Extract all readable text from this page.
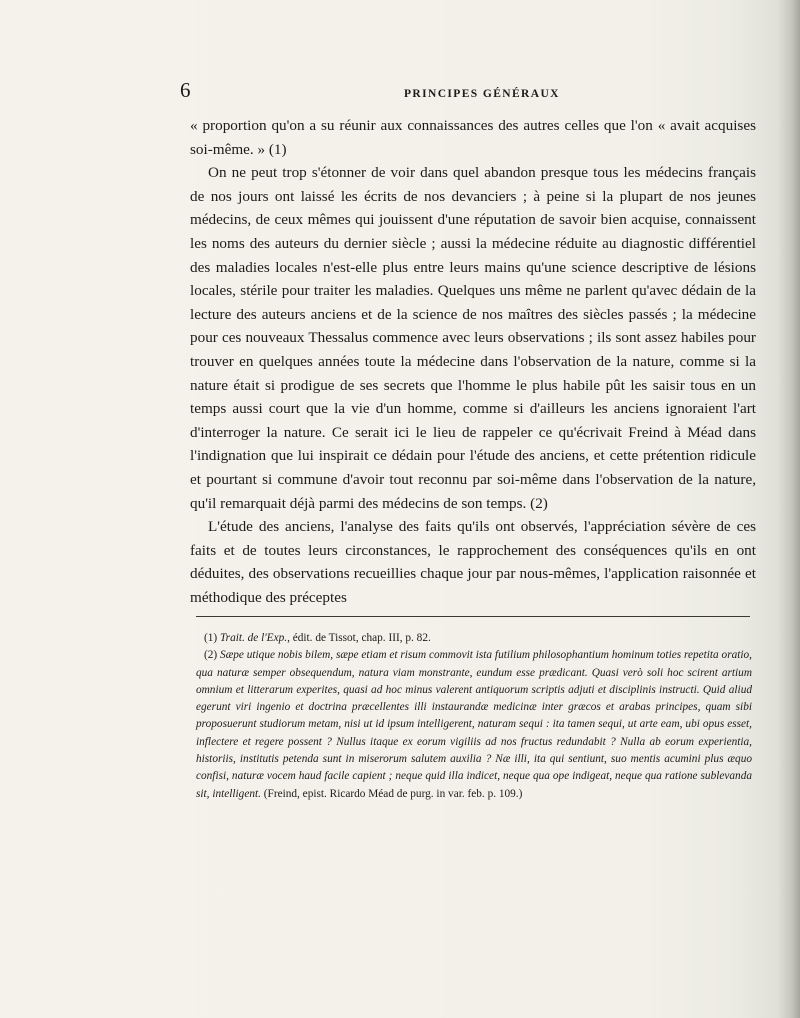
6	PRINCIPES GÉNÉRAUX

« proportion qu'on a su réunir aux connaissances des autres celles que l'on « avait acquises soi-même. » (1)

On ne peut trop s'étonner de voir dans quel abandon presque tous les médecins français de nos jours ont laissé les écrits de nos devanciers ; à peine si la plupart de nos jeunes médecins, de ceux mêmes qui jouissent d'une réputation de savoir bien acquise, connaissent les noms des auteurs du dernier siècle ; aussi la médecine réduite au diagnostic différentiel des maladies locales n'est-elle plus entre leurs mains qu'une science descriptive de lésions locales, stérile pour traiter les maladies. Quelques uns même ne parlent qu'avec dédain de la lecture des auteurs anciens et de la science de nos maîtres des siècles passés ; la médecine pour ces nouveaux Thessalus commence avec leurs observations ; ils sont assez habiles pour trouver en quelques années toute la médecine dans l'observation de la nature, comme si la nature était si prodigue de ses secrets que l'homme le plus habile pût les saisir tous en un temps aussi court que la vie d'un homme, comme si d'ailleurs les anciens ignoraient l'art d'interroger la nature. Ce serait ici le lieu de rappeler ce qu'écrivait Freind à Méad dans l'indignation que lui inspirait ce dédain pour l'étude des anciens, et cette prétention ridicule et pourtant si commune d'avoir tout reconnu par soi-même dans l'observation de la nature, qu'il remarquait déjà parmi des médecins de son temps. (2)

L'étude des anciens, l'analyse des faits qu'ils ont observés, l'appréciation sévère de ces faits et de toutes leurs circonstances, le rapprochement des conséquences qu'ils en ont déduites, des observations recueillies chaque jour par nous-mêmes, l'application raisonnée et méthodique des préceptes

(1) Trait. de l'Exp., édit. de Tissot, chap. III, p. 82.

(2) Sæpe utique nobis bilem, sæpe etiam et risum commovit ista futilium philosophantium hominum toties repetita oratio, qua naturæ semper obsequendum, natura viam monstrante, eundum esse prædicant. Quasi verò soli hoc scirent artium omnium et litterarum experites, quasi ad hoc minus valerent antiquorum scriptis adjuti et disciplinis instructi. Quid aliud egerunt viri ingenio et doctrina præcellentes illi instaurandæ medicinæ inter græcos et arabas principes, quam sibi proposuerunt studiorum metam, nisi ut id ipsum intelligerent, naturam sequi : ita tamen sequi, ut arte eam, ubi opus esset, inflectere et regere possent ? Nullus itaque ex eorum vigiliis ad nos fructus redundabit ? Nulla ab eorum experientia, historiis, institutis petenda sunt in miserorum salutem auxilia ? Næ illi, ita qui sentiunt, suo mentis acumini plus æquo confisi, naturæ vocem haud facile capient ; neque quid illa indicet, neque qua ope indigeat, neque qua ratione sublevanda sit, intelligent. (Freind, epist. Ricardo Méad de purg. in var. feb. p. 109.)
